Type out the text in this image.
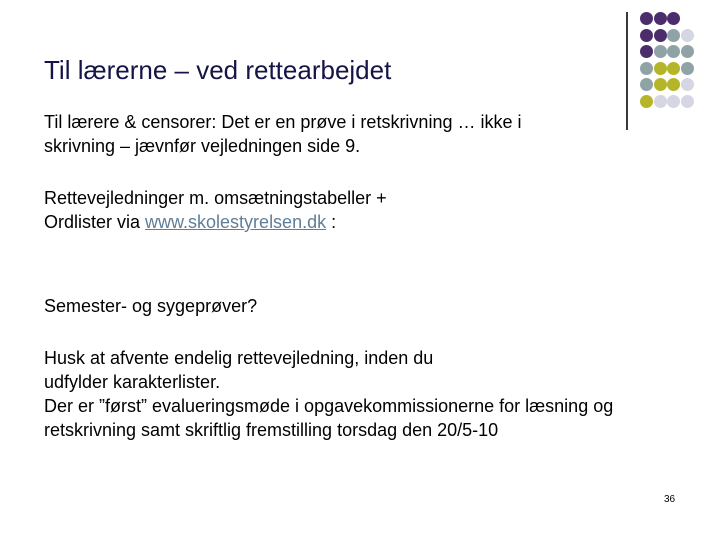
Til lærerne – ved rettearbejdet
Til lærere & censorer: Det er en prøve i retskrivning … ikke i
skrivning – jævnfør vejledningen side 9.
Rettevejledninger m. omsætningstabeller +
Ordlister via www.skolestyrelsen.dk :
Semester- og sygeprøver?
Husk at afvente endelig rettevejledning, inden du
udfylder karakterlister.
Der er ”først” evalueringsmøde i opgavekommissionerne for læsning og
retskrivning samt skriftlig fremstilling torsdag den 20/5-10
36
